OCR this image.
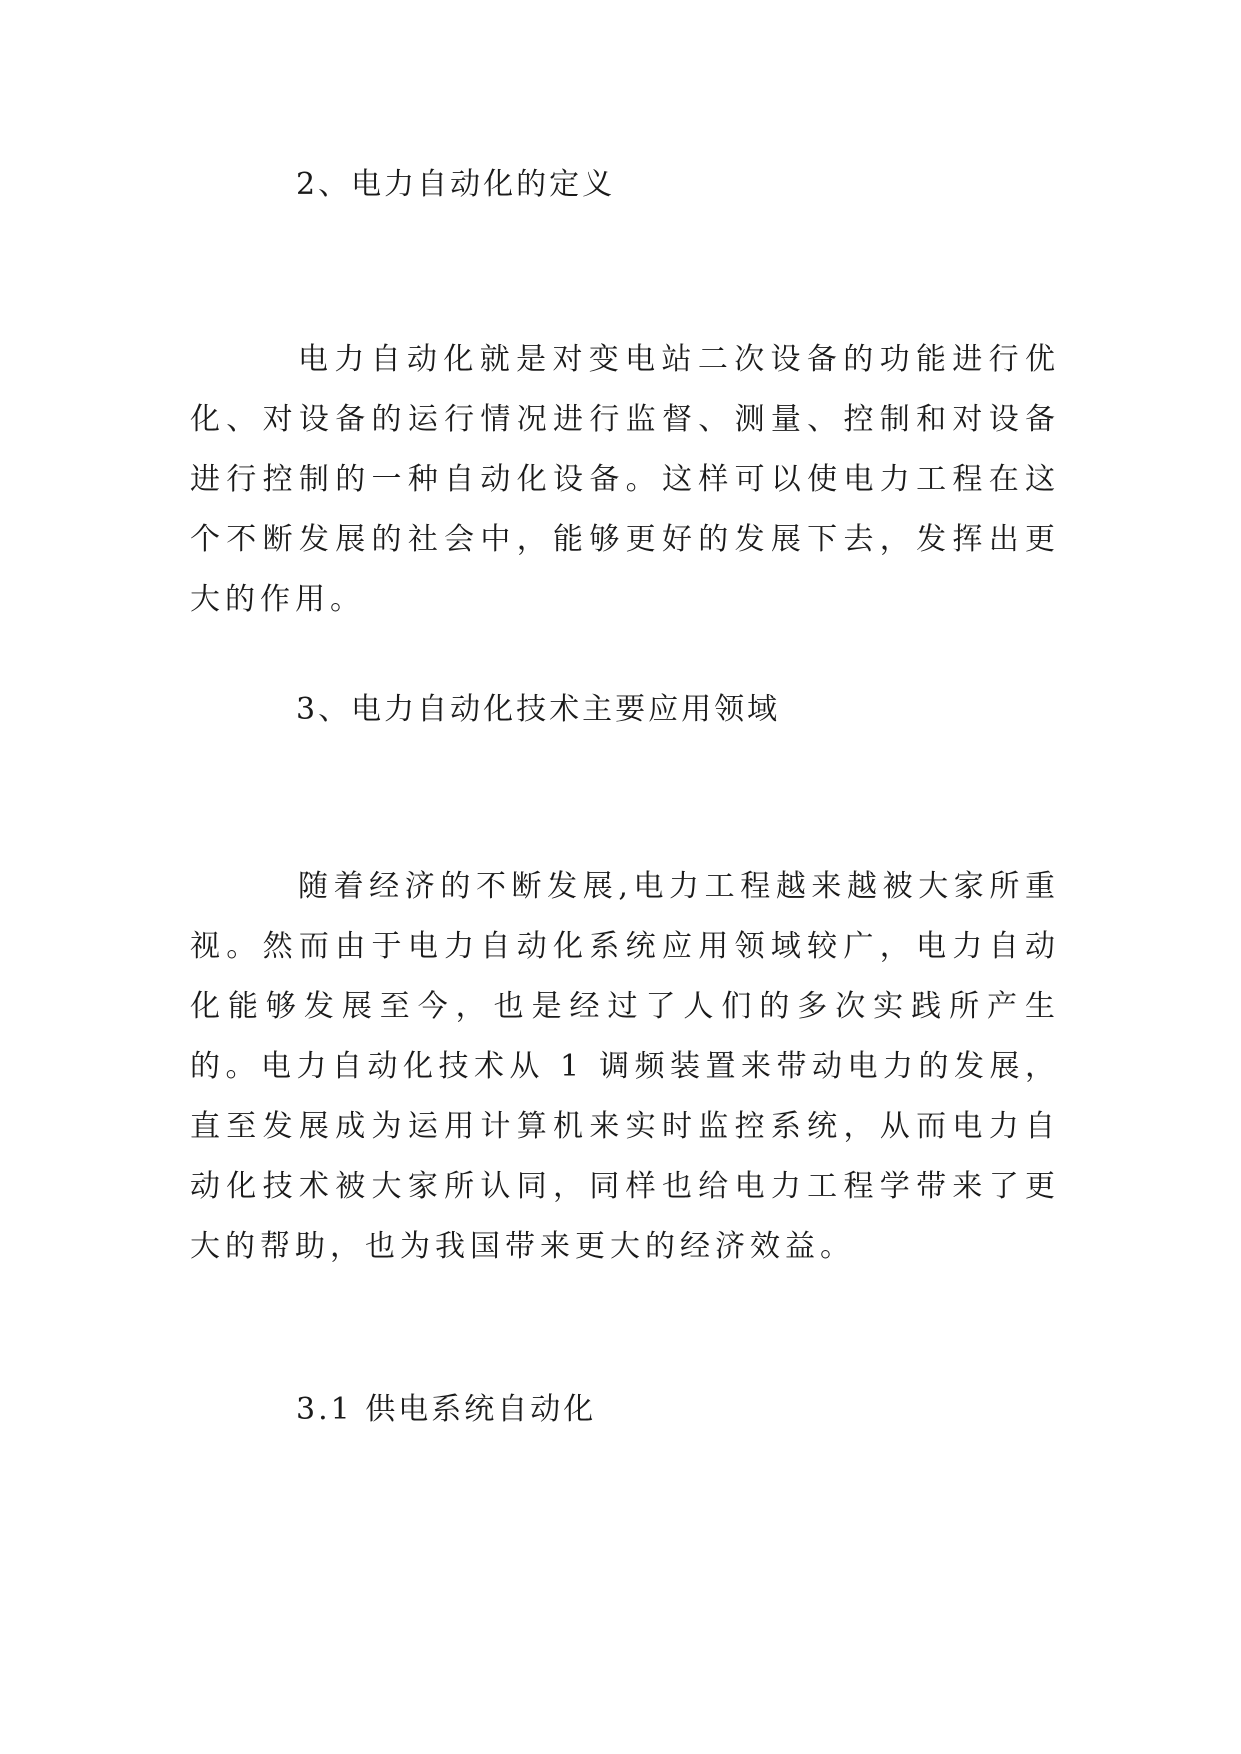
2、电力自动化的定义

电力自动化就是对变电站二次设备的功能进行优化、对设备的运行情况进行监督、测量、控制和对设备进行控制的一种自动化设备。这样可以使电力工程在这个不断发展的社会中，能够更好的发展下去，发挥出更大的作用。

3、电力自动化技术主要应用领域

随着经济的不断发展,电力工程越来越被大家所重视。然而由于电力自动化系统应用领域较广，电力自动化能够发展至今，也是经过了人们的多次实践所产生的。电力自动化技术从 1 调频装置来带动电力的发展，直至发展成为运用计算机来实时监控系统，从而电力自动化技术被大家所认同，同样也给电力工程学带来了更大的帮助，也为我国带来更大的经济效益。

3.1 供电系统自动化
